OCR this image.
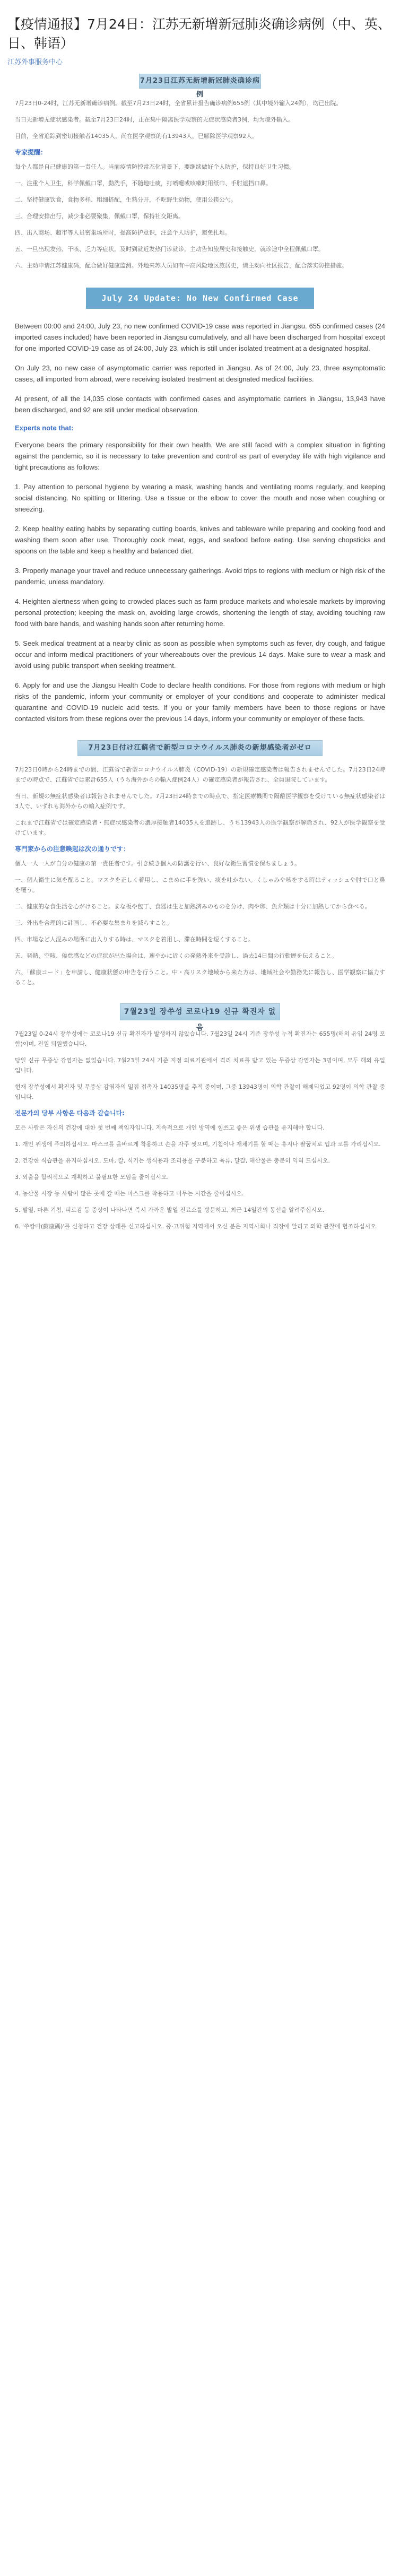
【疫情通报】7月24日：江苏无新增新冠肺炎确诊病例（中、英、日、韩语）
江苏外事服务中心
7月23日江苏无新增新冠肺炎确诊病例

7月23日0-24时，江苏无新增确诊病例。截至7月23日24时，全省累计报告确诊病例655例（其中境外输入24例），均已出院。

当日无新增无症状感染者。截至7月23日24时，正在集中隔离医学观察的无症状感染者3例，均为境外输入。

目前，全省追踪到密切接触者14035人，尚在医学观察的有13943人，已解除医学观察92人。

专家提醒：

每个人都是自己健康的第一责任人。当前疫情防控常态化背景下，要继续做好个人防护，保持良好卫生习惯。

一、注重个人卫生，科学佩戴口罩，勤洗手，不随地吐痰，打喷嚏或咳嗽时用纸巾、手肘遮挡口鼻。

二、坚持健康饮食，食物多样、粗细搭配，生熟分开，不吃野生动物，使用公筷公勺。

三、合理安排出行，减少非必要聚集，佩戴口罩，保持社交距离。

四、出入商场、超市等人员密集场所时，提高防护意识，注意个人防护，避免扎堆。

五、一旦出现发热、干咳、乏力等症状，及时到就近发热门诊就诊，主动告知旅居史和接触史，就诊途中全程佩戴口罩。

六、主动申请江苏健康码，配合做好健康监测。外地来苏人员如有中高风险地区旅居史，请主动向社区报告，配合落实防控措施。

July 24 Update: No New Confirmed Case Reported in Jiangsu

Between 00:00 and 24:00, July 23, no new confirmed COVID-19 case was reported in Jiangsu. 655 confirmed cases (24 imported cases included) have been reported in Jiangsu cumulatively, and all have been discharged from hospital except for one imported COVID-19 case as of 24:00, July 23, which is still under isolated treatment at a designated hospital.

On July 23, no new case of asymptomatic carrier was reported in Jiangsu. As of 24:00, July 23, three asymptomatic cases, all imported from abroad, were receiving isolated treatment at designated medical facilities.

At present, of all the 14,035 close contacts with confirmed cases and asymptomatic carriers in Jiangsu, 13,943 have been discharged, and 92 are still under medical observation.

Experts note that:

Everyone bears the primary responsibility for their own health. We are still faced with a complex situation in fighting against the pandemic, so it is necessary to take prevention and control as part of everyday life with high vigilance and tight precautions as follows:

1. Pay attention to personal hygiene by wearing a mask, washing hands and ventilating rooms regularly, and keeping social distancing. No spitting or littering. Use a tissue or the elbow to cover the mouth and nose when coughing or sneezing.

2. Keep healthy eating habits by separating cutting boards, knives and tableware while preparing and cooking food and washing them soon after use. Thoroughly cook meat, eggs, and seafood before eating. Use serving chopsticks and spoons on the table and keep a healthy and balanced diet.

3. Properly manage your travel and reduce unnecessary gatherings. Avoid trips to regions with medium or high risk of the pandemic, unless mandatory.

4. Heighten alertness when going to crowded places such as farm produce markets and wholesale markets by improving personal protection; keeping the mask on, avoiding large crowds, shortening the length of stay, avoiding touching raw food with bare hands, and washing hands soon after returning home.

5. Seek medical treatment at a nearby clinic as soon as possible when symptoms such as fever, dry cough, and fatigue occur and inform medical practitioners of your whereabouts over the previous 14 days. Make sure to wear a mask and avoid using public transport when seeking treatment.

6. Apply for and use the Jiangsu Health Code to declare health conditions. For those from regions with medium or high risks of the pandemic, inform your community or employer of your conditions and cooperate to administer medical quarantine and COVID-19 nucleic acid tests. If you or your family members have been to those regions or have contacted visitors from these regions over the previous 14 days, inform your community or employer of these facts.

7月23日付け江蘇省で新型コロナウイルス肺炎の新規感染者がゼロ

7月23日0時から24時までの間、江蘇省で新型コロナウイルス肺炎（COVID-19）の新規確定感染者は報告されませんでした。7月23日24時までの時点で、江蘇省では累計655人（うち海外からの輸入症例24人）の確定感染者が報告され、全員退院しています。

当日、新規の無症状感染者は報告されませんでした。7月23日24時までの時点で、指定医療機関で隔離医学観察を受けている無症状感染者は3人で、いずれも海外からの輸入症例です。

これまで江蘇省では確定感染者・無症状感染者の濃厚接触者14035人を追跡し、うち13943人の医学観察が解除され、92人が医学観察を受けています。

専門家からの注意喚起は次の通りです：

個人一人一人が自分の健康の第一責任者です。引き続き個人の防護を行い、良好な衛生習慣を保ちましょう。

一、個人衛生に気を配ること。マスクを正しく着用し、こまめに手を洗い、痰を吐かない。くしゃみや咳をする時はティッシュや肘で口と鼻を覆う。

二、健康的な食生活を心がけること。まな板や包丁、食器は生と加熱済みのものを分け、肉や卵、魚介類は十分に加熱してから食べる。

三、外出を合理的に計画し、不必要な集まりを減らすこと。

四、市場など人混みの場所に出入りする時は、マスクを着用し、滞在時間を短くすること。

五、発熱、空咳、倦怠感などの症状が出た場合は、速やかに近くの発熱外来を受診し、過去14日間の行動歴を伝えること。

六、「蘇康コード」を申請し、健康状態の申告を行うこと。中・高リスク地域から来た方は、地域社会や勤務先に報告し、医学観察に協力すること。

7월23일 장쑤성 코로나19 신규 확진자 없음

7월23일 0-24시 장쑤성에는 코로나19 신규 확진자가 발생하지 않았습니다. 7월23일 24시 기준 장쑤성 누적 확진자는 655명(해외 유입 24명 포함)이며, 전원 퇴원했습니다.

당일 신규 무증상 감염자는 없었습니다. 7월23일 24시 기준 지정 의료기관에서 격리 치료를 받고 있는 무증상 감염자는 3명이며, 모두 해외 유입입니다.

현재 장쑤성에서 확진자 및 무증상 감염자의 밀접 접촉자 14035명을 추적 중이며, 그중 13943명이 의학 관찰이 해제되었고 92명이 의학 관찰 중입니다.

전문가의 당부 사항은 다음과 같습니다:

모든 사람은 자신의 건강에 대한 첫 번째 책임자입니다. 지속적으로 개인 방역에 힘쓰고 좋은 위생 습관을 유지해야 합니다.

1. 개인 위생에 주의하십시오. 마스크를 올바르게 착용하고 손을 자주 씻으며, 기침이나 재채기를 할 때는 휴지나 팔꿈치로 입과 코를 가리십시오.

2. 건강한 식습관을 유지하십시오. 도마, 칼, 식기는 생식용과 조리용을 구분하고 육류, 달걀, 해산물은 충분히 익혀 드십시오.

3. 외출을 합리적으로 계획하고 불필요한 모임을 줄이십시오.

4. 농산물 시장 등 사람이 많은 곳에 갈 때는 마스크를 착용하고 머무는 시간을 줄이십시오.

5. 발열, 마른 기침, 피로감 등 증상이 나타나면 즉시 가까운 발열 진료소를 방문하고, 최근 14일간의 동선을 알려주십시오.

6. '쑤캉마(蘇康碼)'를 신청하고 건강 상태를 신고하십시오. 중·고위험 지역에서 오신 분은 지역사회나 직장에 알리고 의학 관찰에 협조하십시오.
